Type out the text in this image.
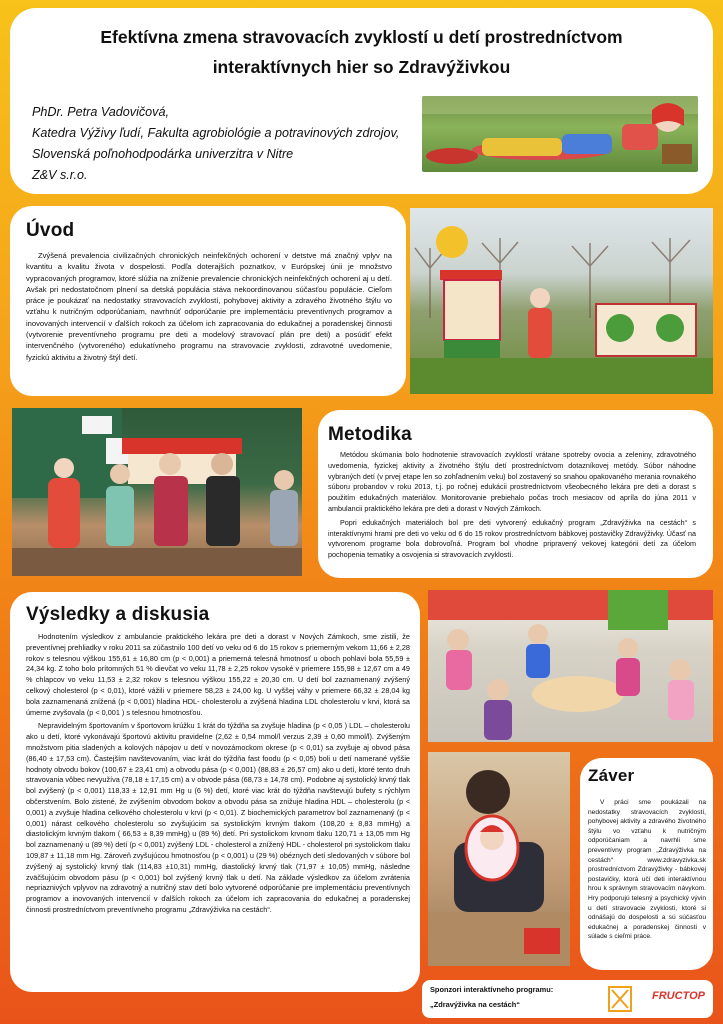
Efektívna zmena stravovacích zvyklostí u detí prostredníctvom
interaktívnych hier so Zdravýživkou
PhDr. Petra Vadovičová,
Katedra Výživy ľudí, Fakulta agrobiológie a potravinových zdrojov,
Slovenská poľnohodpodárka univerzitra v Nitre
Z&V s.r.o.
Úvod

Zvýšená prevalencia civilizačných chronických neinfekčných ochorení v detstve má značný vplyv na kvantitu a kvalitu života v dospelosti. Podľa doterajších poznatkov, v Európskej únii je množstvo vypracovaných programov, ktoré slúžia na zníženie prevalencie chronických neinfekčných ochorení aj u detí. Avšak pri nedostatočnom plnení sa detská populácia stáva nekoordinovanou súčasťou populácie. Cieľom práce je poukázať na nedostatky stravovacích zvyklostí, pohybovej aktivity a zdravého životného štýlu vo vzťahu k nutričným odporúčaniam, navrhnúť odporúčanie pre implementáciu preventívnych programov a inovovaných intervencií v ďalších rokoch za účelom ich zapracovania do edukačnej a poradenskej činnosti (vytvorenie preventívneho programu pre deti a modelový stravovací plán pre deti) a posúdiť efekt intervenčného (vytvoreného) edukatívneho programu na stravovacie zvyklosti, zdravotné uvedomenie, fyzickú aktivitu a životný štýl detí.

Metodika

Metódou skúmania bolo hodnotenie stravovacích zvyklostí vrátane spotreby ovocia a zeleniny, zdravotného uvedomenia, fyzickej aktivity a životného štýlu detí prostredníctvom dotazníkovej metódy. Súbor náhodne vybraných detí (v prvej etape len so zohľadnením veku) bol zostavený so snahou opakovaného merania rovnakého súboru probandov v roku 2013, t.j. po ročnej edukácii prostredníctvom všeobecného lekára pre deti a dorast s použitím edukačných materiálov. Monitorovanie prebiehalo počas troch mesiacov od apríla do júna 2011 v ambulancii praktického lekára pre deti a dorast v Nových Zámkoch.

Popri edukačných materiáloch bol pre deti vytvorený edukačný program „Zdravýživka na cestách“ s interaktívnymi hrami pre deti vo veku od 6 do 15 rokov prostredníctvom bábkovej postavičky Zdravýživky. Účasť na vytvorenom programe bola dobrovoľná. Program bol vhodne pripravený vekovej kategórii detí za účelom pochopenia tematiky a osvojenia si stravovacích zvyklostí.

Výsledky a diskusia

Hodnotením výsledkov z ambulancie praktického lekára pre deti a dorast v Nových Zámkoch, sme zistili, že preventívnej prehliadky v roku 2011 sa zúčastnilo 100 detí vo veku od 6 do 15 rokov s priemerným vekom 11,66 ± 2,28 rokov s telesnou výškou 155,61 ± 16,80 cm (p < 0,001) a priemerná telesná hmotnosť u oboch pohlaví bola 55,59 ± 24,34 kg. Z toho bolo prítomných 51 % dievčat vo veku 11,78 ± 2,25 rokov vysoké v priemere 155,98 ± 12,67 cm a 49 % chlapcov vo veku 11,53 ± 2,32 rokov s telesnou výškou 155,22 ± 20,30 cm. U detí bol zaznamenaný zvýšený celkový cholesterol (p < 0,01), ktoré vážili v priemere 58,23 ± 24,00 kg. U vyššej váhy v priemere 66,32 ± 28,04 kg bola zaznamenaná znížená (p < 0,001) hladina HDL- cholesterolu a zvýšená hladina LDL cholesterolu v krvi, ktorá sa úmerne zvyšovala (p < 0,001 ) s telesnou hmotnosťou.

Nepravidelným športovaním v športovom krúžku 1 krát do týždňa sa zvyšuje hladina (p < 0,05 ) LDL – cholesterolu ako u detí, ktoré vykonávajú športovú aktivitu pravidelne (2,62 ± 0,54 mmol/l verzus 2,39 ± 0,60 mmol/l). Zvýšeným množstvom pitia sladených a kolových nápojov u detí v novozámockom okrese (p < 0,01) sa zvyšuje aj obvod pása (86,40 ± 17,53 cm). Častejším navštevovaním, viac krát do týždňa fast foodu (p < 0,05) boli u detí namerané vyššie hodnoty obvodu bokov (100,67 ± 23,41 cm) a obvodu pása (p < 0,001) (88,83 ± 26,57 cm) ako u detí, ktoré tento druh stravovania vôbec nevyužíva (78,18 ± 17,15 cm) a v obvode pása (68,73 ± 14,78 cm). Podobne aj systolický krvný tlak bol zvýšený (p < 0,001) 118,33 ± 12,91 mm Hg u (6 %) detí, ktoré viac krát do týždňa navštevujú bufety s rýchlym občerstvením. Bolo zistené, že zvýšením obvodom bokov a obvodu pása sa znižuje hladina HDL – cholesterolu (p < 0,001) a zvyšuje hladina celkového cholesterolu v krvi (p < 0,01). Z biochemických parametrov bol zaznamenaný (p < 0,001) nárast celkového cholesterolu so zvyšujúcim sa systolickým krvným tlakom (108,20 ± 8,83 mmHg) a diastolickým krvným tlakom ( 66,53 ± 8,39 mmHg) u (89 %) detí. Pri systolickom krvnom tlaku 120,71 ± 13,05 mm Hg bol zaznamenaný u (89 %) detí (p < 0,001) zvýšený LDL - cholesterol a znížený HDL - cholesterol pri systolickom tlaku 109,87 ± 11,18 mm Hg. Zároveň zvyšujúcou hmotnosťou (p < 0,001) u (29 %) obéznych detí sledovaných v súbore bol zvýšený aj systolický krvný tlak (114,83 ±10,31) mmHg, diastolický krvný tlak (71,97 ± 10,05) mmHg, následne zväčšujúcim obvodom pásu (p < 0,001) bol zvýšený krvný tlak u detí. Na základe výsledkov za účelom zvrátenia nepriaznivých vplyvov na zdravotný a nutričný stav detí bolo vytvorené odporúčanie pre implementáciu preventívnych programov a inovovaných intervencií v ďalších rokoch za účelom ich zapracovania do edukačnej a poradenskej činnosti prostredníctvom preventívneho programu „Zdravýživka na cestách“.

Záver

V práci sme poukázali na nedostatky stravovacích zvyklostí, pohybovej aktivity a zdravého životného štýlu vo vzťahu k nutričným odporúčaniam a navrhli sme preventívny program „Zdravýživka na cestách“ www.zdravyzivka.sk prostredníctvom Zdravýživky - bábkovej postavičky, ktorá učí deti interaktívnou hrou k správnym stravovacím návykom. Hry podporujú telesný a psychický vývin u detí stravovacie zvyklosti, ktoré si odnášajú do dospelosti a sú súčasťou edukačnej a poradenskej činnosti v súlade s cieľmi práce.

Sponzori interaktívneho programu:
„Zdravýživka na cestách“
FRUCTOP
